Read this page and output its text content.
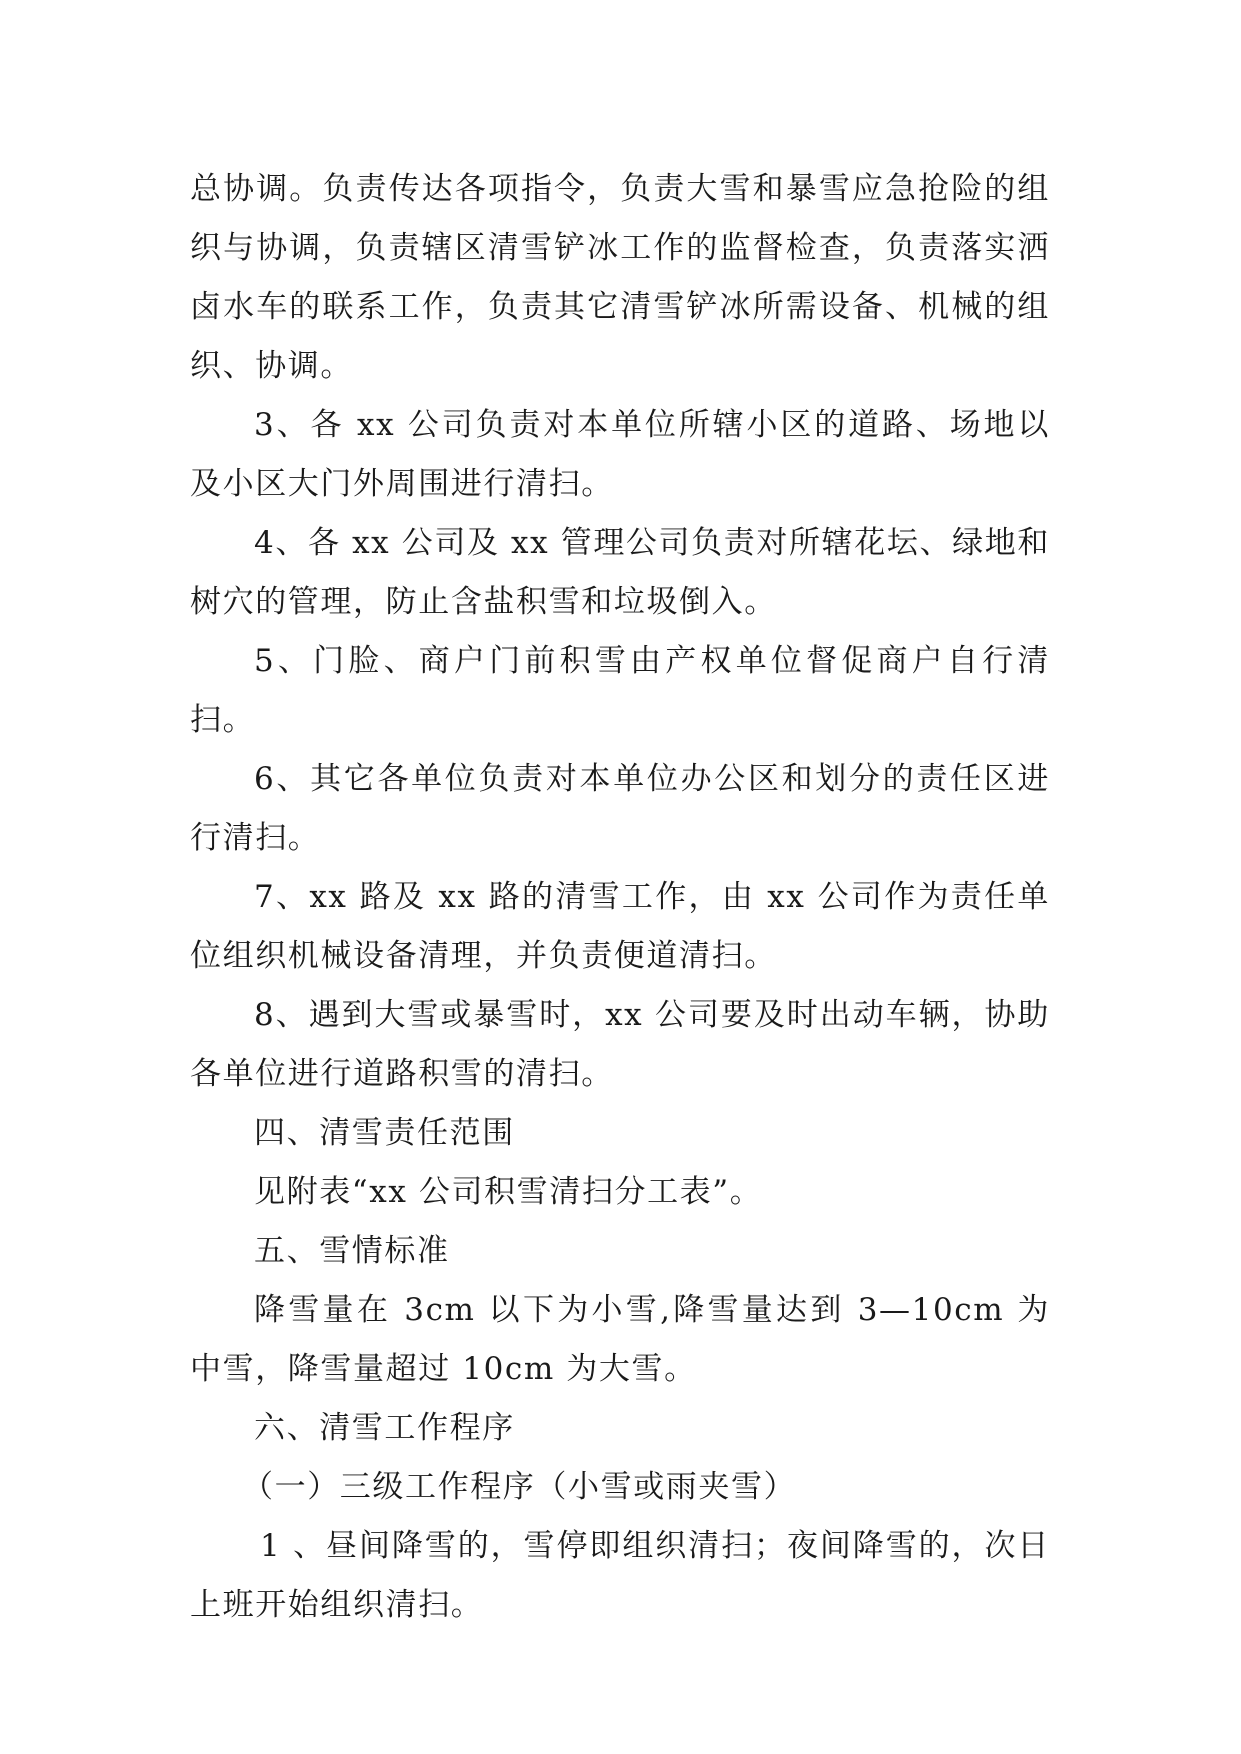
总协调。负责传达各项指令，负责大雪和暴雪应急抢险的组织与协调，负责辖区清雪铲冰工作的监督检查，负责落实洒卤水车的联系工作，负责其它清雪铲冰所需设备、机械的组织、协调。

3、各 xx 公司负责对本单位所辖小区的道路、场地以及小区大门外周围进行清扫。

4、各 xx 公司及 xx 管理公司负责对所辖花坛、绿地和树穴的管理，防止含盐积雪和垃圾倒入。

5、门脸、商户门前积雪由产权单位督促商户自行清扫。

6、其它各单位负责对本单位办公区和划分的责任区进行清扫。

7、xx 路及 xx 路的清雪工作，由 xx 公司作为责任单位组织机械设备清理，并负责便道清扫。

8、遇到大雪或暴雪时，xx 公司要及时出动车辆，协助各单位进行道路积雪的清扫。

四、清雪责任范围

见附表“xx 公司积雪清扫分工表”。

五、雪情标准

降雪量在 3cm 以下为小雪,降雪量达到 3—10cm 为中雪，降雪量超过 10cm 为大雪。

六、清雪工作程序

（一）三级工作程序（小雪或雨夹雪）

1 、昼间降雪的，雪停即组织清扫；夜间降雪的，次日上班开始组织清扫。
